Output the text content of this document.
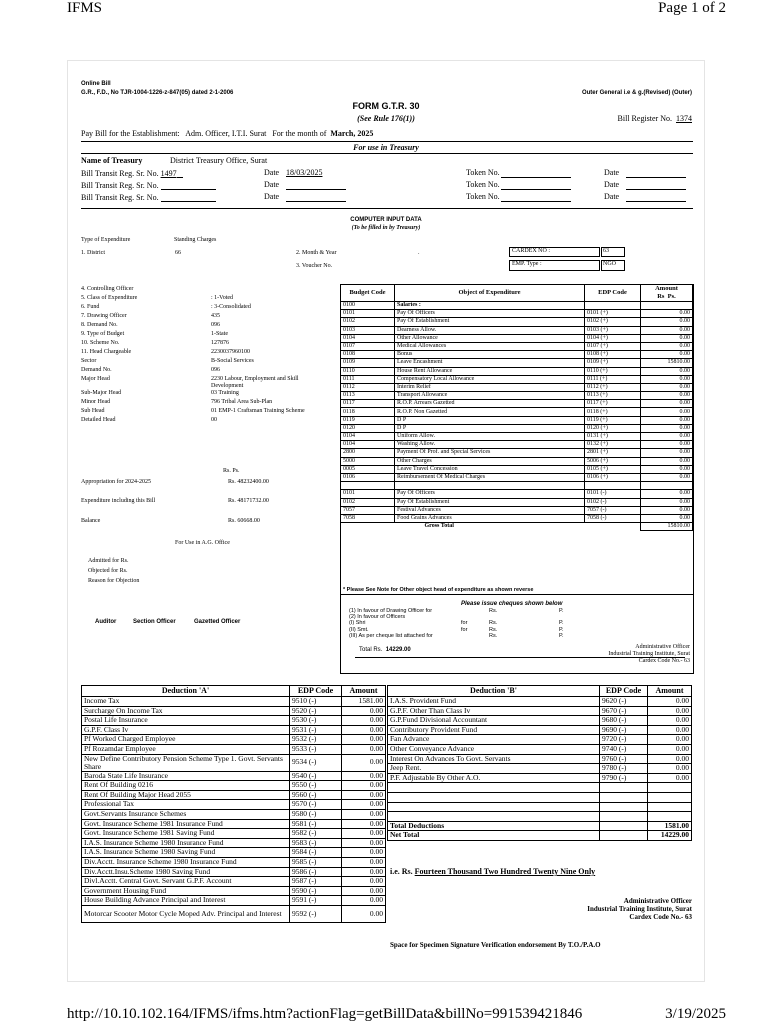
IFMS	Page 1 of 2
http://10.10.102.164/IFMS/ifms.htm?actionFlag=getBillData&billNo=991539421846	3/19/2025
Online Bill
G.R., F.D., No TJR-1004-1226-z-847(05) dated 2-1-2006	Outer General i.e & g.(Revised) (Outer)
FORM G.T.R. 30
(See Rule 176(1))	Bill Register No. 1374
Pay Bill for the Establishment: Adm. Officer, I.T.I. Surat For the month of March, 2025
For use in Treasury
Name of Treasury	District Treasury Office, Surat
Bill Transit Reg. Sr. No. 1497	Date 18/03/2025	Token No.	Date
Bill Transit Reg. Sr. No.	Date	Token No.	Date
Bill Transit Reg. Sr. No.	Date	Token No.	Date
COMPUTER INPUT DATA
(To be filled in by Treasury)
Type of Expenditure	Standing Charges
1. District	66	2. Month & Year	.
3. Voucher No.
CARDEX NO :	63
EMP. Type :	NGO
4. Controlling Officer
5. Class of Expenditure	: 1-Voted
6. Fund	: 3-Consolidated
7. Drawing Officer	435
8. Demand No.	096
9. Type of Budget	1-State
10. Scheme No.	127876
11. Head Chargeable	2230037960100
Sector	B-Social Services
Demand No.	096
Major Head	2230 Labour, Employment and Skill Development
Sub-Major Head	03 Training
Minor Head	796 Tribal Area Sub-Plan
Sub Head	01 EMP-1 Craftsman Training Scheme
Detailed Head	00
Rs. Ps.
Appropriation for 2024-2025	Rs. 48232400.00
Expenditure including this Bill	Rs. 48171732.00
Balance	Rs. 60668.00
For Use in A.G. Office
Admitted for Rs.
Objected for Rs.
Reason for Objection
Auditor	Section Officer	Gazetted Officer
Budget Code	Object of Expenditure	EDP Code	Amount
Rs Ps.
0100	Salaries :		
0101	Pay Of Officers	0101 (+)	0.00
0102	Pay Of Establishment	0102 (+)	0.00
0103	Dearness Allow.	0103 (+)	0.00
0104	Other Allowance	0104 (+)	0.00
0107	Medical Allowances	0107 (+)	0.00
0108	Bonus	0108 (+)	0.00
0109	Leave Encashment	0109 (+)	15810.00
0110	House Rent Allowance	0110 (+)	0.00
0111	Compensatory Local Allowance	0111 (+)	0.00
0112	Interim Relief	0112 (+)	0.00
0113	Transport Allowance	0113 (+)	0.00
0117	R.O.P. Arrears Gazetted	0117 (+)	0.00
0118	R.O.P. Non Gazetted	0118 (+)	0.00
0119	D P	0119 (+)	0.00
0120	D P	0120 (+)	0.00
0104	Uniform Allow.	0131 (+)	0.00
0104	Washing Allow.	0132 (+)	0.00
2800	Payment Of Prof. and Special Services	2801 (+)	0.00
5000	Other Charges	5006 (+)	0.00
0005	Leave Travel Concession	0105 (+)	0.00
0106	Reimbursement Of Medical Charges	0106 (+)	0.00

0101	Pay Of Officers	0101 (-)	0.00
0102	Pay Of Establishment	0102 (-)	0.00
7057	Festival Advances	7057 (-)	0.00
7058	Food Grains Advances	7058 (-)	0.00
	Gross Total		15810.00
* Please See Note for Other object head of expenditure as shown reverse
Please issue cheques shown below
(1) In favour of Drawing Officer for	Rs.	P.
(2) In favour of Officers
(I) Shri	for	Rs.	P.
(II) Smt.	for	Rs.	P.
(III) As per cheque list attached for	Rs.	P.
Total Rs. 14229.00	Administrative Officer
Industrial Training Institute, Surat
Cardex Code No.- 63
Deduction 'A'	EDP Code	Amount
Income Tax	9510 (-)	1581.00
Surcharge On Income Tax	9520 (-)	0.00
Postal Life Insurance	9530 (-)	0.00
G.P.F. Class Iv	9531 (-)	0.00
Pf Worked Charged Employee	9532 (-)	0.00
Pf Rozamdar Employee	9533 (-)	0.00
New Define Contributory Pension Scheme Type 1. Govt. Servants Share	9534 (-)	0.00
Baroda State Life Insurance	9540 (-)	0.00
Rent Of Building 0216	9550 (-)	0.00
Rent Of Building Major Head 2055	9560 (-)	0.00
Professional Tax	9570 (-)	0.00
Govt.Servants Insurance Schemes	9580 (-)	0.00
Govt. Insurance Scheme 1981 Insurance Fund	9581 (-)	0.00
Govt. Insurance Scheme 1981 Saving Fund	9582 (-)	0.00
I.A.S. Insurance Scheme 1980 Insurance Fund	9583 (-)	0.00
I.A.S. Insurance Scheme 1980 Saving Fund	9584 (-)	0.00
Div.Acctt. Insurance Scheme 1980 Insurance Fund	9585 (-)	0.00
Div.Acctt.Insu.Scheme 1980 Saving Fund	9586 (-)	0.00
Divl.Acctt. Central Govt. Servant G.P.F. Account	9587 (-)	0.00
Government Housing Fund	9590 (-)	0.00
House Building Advance Principal and Interest	9591 (-)	0.00
Motorcar Scooter Motor Cycle Moped Adv. Principal and Interest	9592 (-)	0.00
Deduction 'B'	EDP Code	Amount
I.A.S. Provident Fund	9620 (-)	0.00
G.P.F. Other Than Class Iv	9670 (-)	0.00
G.P.Fund Divisional Accountant	9680 (-)	0.00
Contributory Provident Fund	9690 (-)	0.00
Fan Advance	9720 (-)	0.00
Other Conveyance Advance	9740 (-)	0.00
Interest On Advances To Govt. Servants	9760 (-)	0.00
Jeep Rent.	9780 (-)	0.00
P.F. Adjustable By Other A.O.	9790 (-)	0.00

Total Deductions		1581.00
Net Total		14229.00
i.e. Rs. Fourteen Thousand Two Hundred Twenty Nine Only
Administrative Officer
Industrial Training Institute, Surat
Cardex Code No.- 63
Space for Specimen Signature Verification endorsement By T.O./P.A.O
